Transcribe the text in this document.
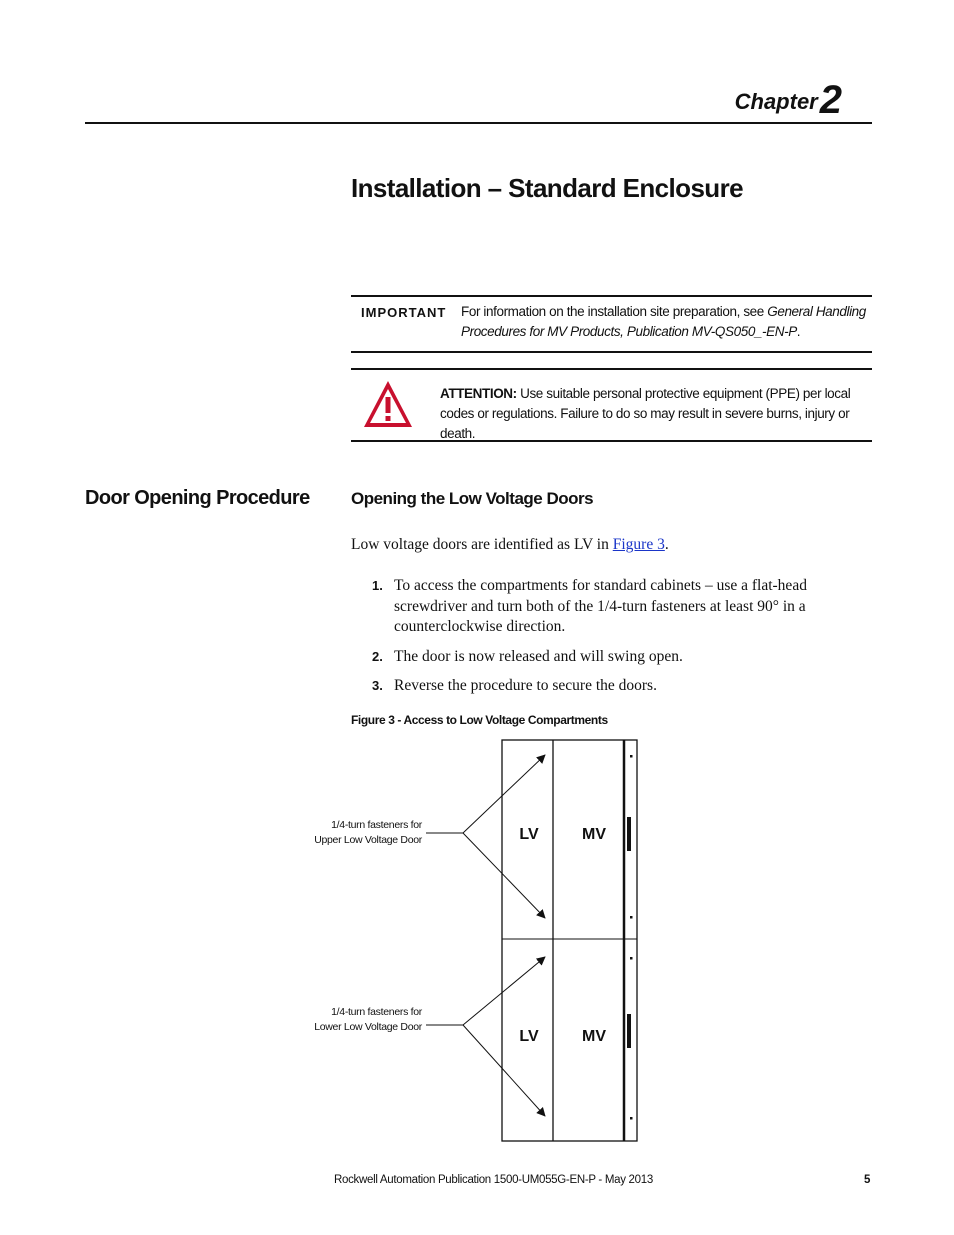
Chapter2
Installation – Standard Enclosure
IMPORTANT For information on the installation site preparation, see General Handling Procedures for MV Products, Publication MV-QS050_-EN-P.
ATTENTION: Use suitable personal protective equipment (PPE) per local codes or regulations. Failure to do so may result in severe burns, injury or death.
Door Opening Procedure Opening the Low Voltage Doors
Low voltage doors are identified as LV in Figure 3.
1. To access the compartments for standard cabinets – use a flat-head screwdriver and turn both of the 1/4-turn fasteners at least 90° in a counterclockwise direction.
2. The door is now released and will swing open.
3. Reverse the procedure to secure the doors.
Figure 3 - Access to Low Voltage Compartments
LV	MV
LV	MV
1/4-turn fasteners for
Upper Low Voltage Door
1/4-turn fasteners for
Lower Low Voltage Door
Rockwell Automation Publication 1500-UM055G-EN-P - May 2013	5
